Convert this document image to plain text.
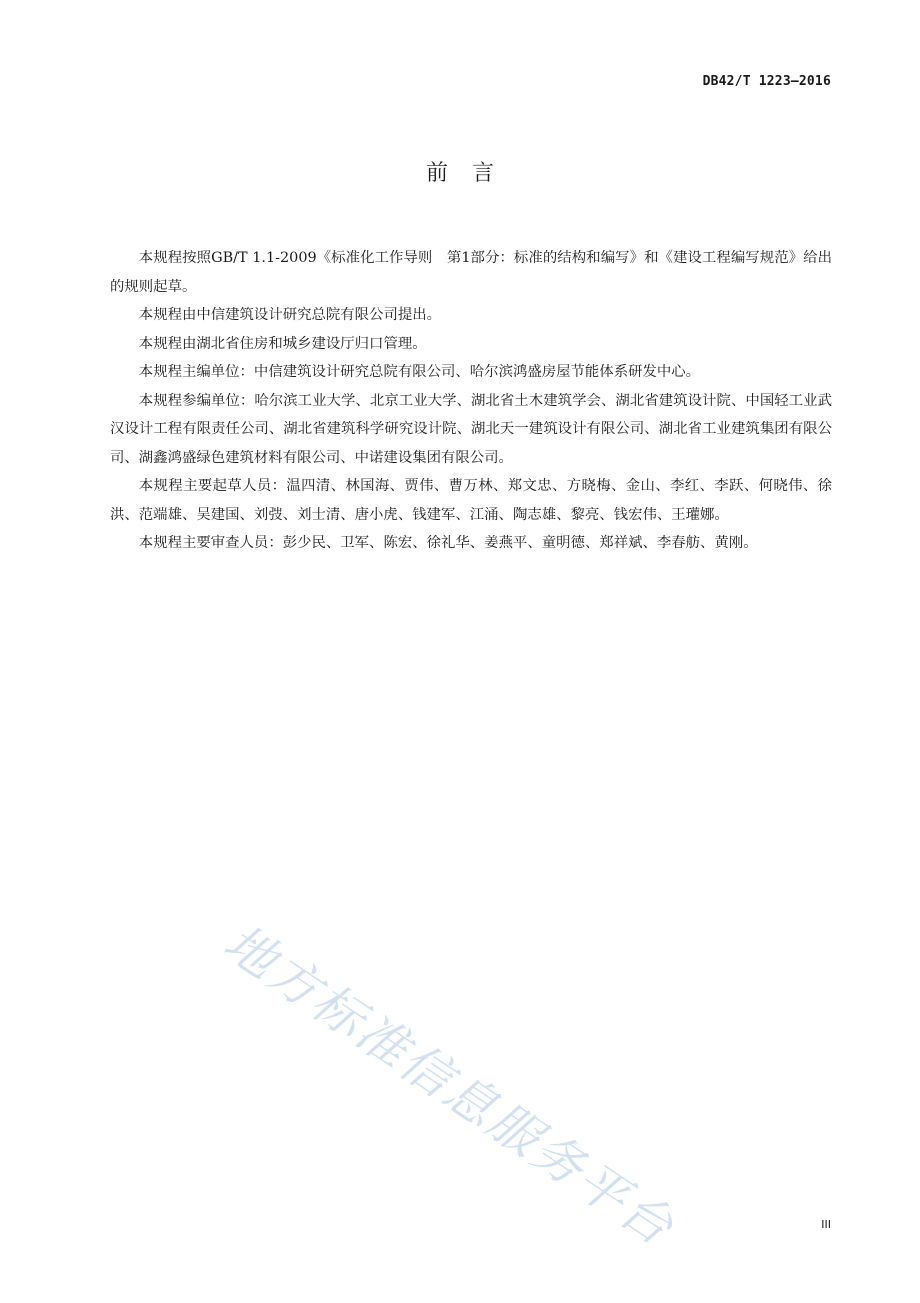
DB42/T 1223—2016
前言

本规程按照GB/T 1.1-2009《标准化工作导则　第1部分：标准的结构和编写》和《建设工程编写规范》给出的规则起草。

本规程由中信建筑设计研究总院有限公司提出。

本规程由湖北省住房和城乡建设厅归口管理。

本规程主编单位：中信建筑设计研究总院有限公司、哈尔滨鸿盛房屋节能体系研发中心。

本规程参编单位：哈尔滨工业大学、北京工业大学、湖北省土木建筑学会、湖北省建筑设计院、中国轻工业武汉设计工程有限责任公司、湖北省建筑科学研究设计院、湖北天一建筑设计有限公司、湖北省工业建筑集团有限公司、湖鑫鸿盛绿色建筑材料有限公司、中诺建设集团有限公司。

本规程主要起草人员：温四清、林国海、贾伟、曹万林、郑文忠、方晓梅、金山、李红、李跃、何晓伟、徐洪、范端雄、吴建国、刘弢、刘士清、唐小虎、钱建军、江涌、陶志雄、黎亮、钱宏伟、王瓘娜。

本规程主要审查人员：彭少民、卫军、陈宏、徐礼华、姜燕平、童明德、郑祥斌、李春舫、黄刚。

地方标准信息服务平台	III
